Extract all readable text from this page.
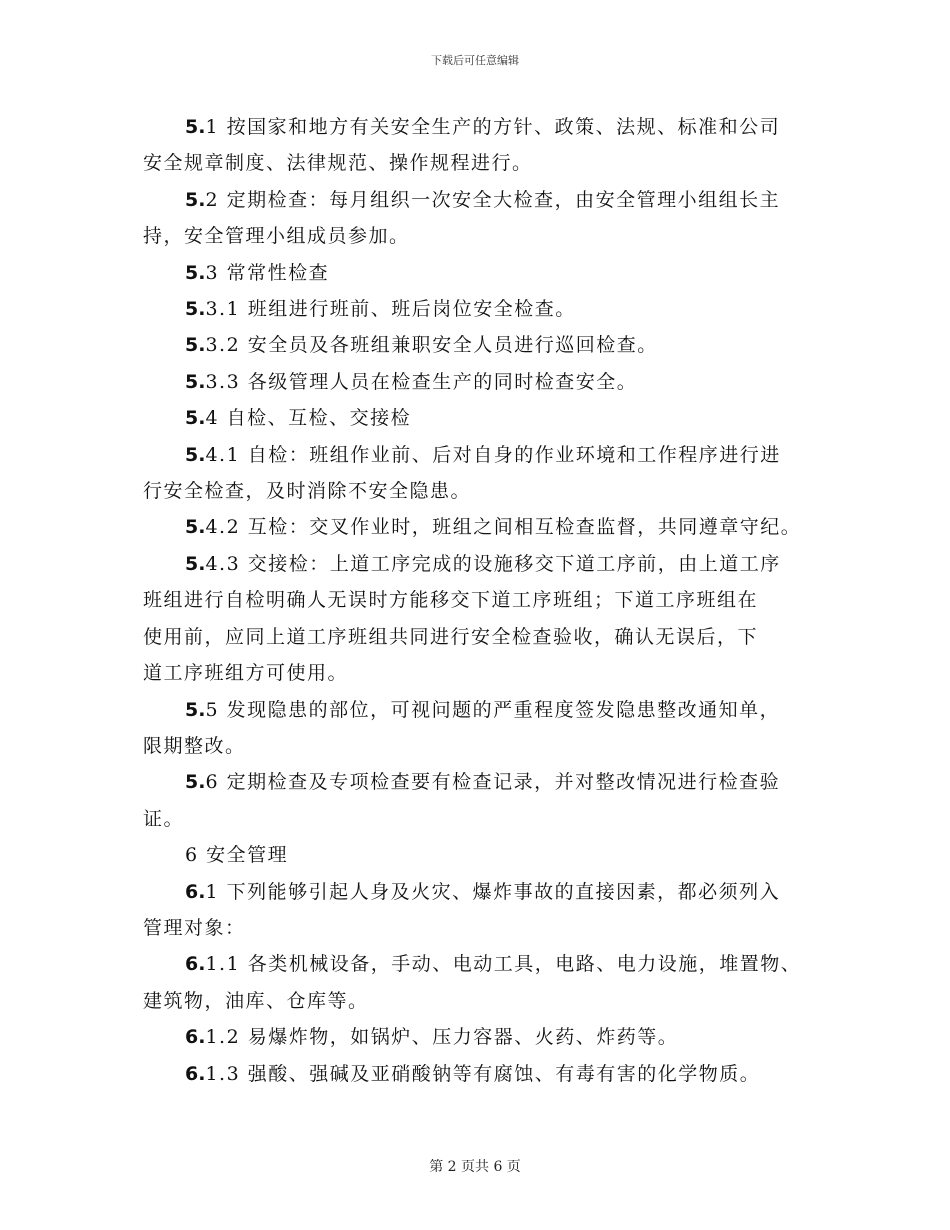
下载后可任意编辑

5.1 按国家和地方有关安全生产的方针、政策、法规、标准和公司
安全规章制度、法律规范、操作规程进行。

5.2 定期检查：每月组织一次安全大检查，由安全管理小组组长主
持，安全管理小组成员参加。

5.3 常常性检查

5.3.1 班组进行班前、班后岗位安全检查。

5.3.2 安全员及各班组兼职安全人员进行巡回检查。

5.3.3 各级管理人员在检查生产的同时检查安全。

5.4 自检、互检、交接检

5.4.1 自检：班组作业前、后对自身的作业环境和工作程序进行进
行安全检查，及时消除不安全隐患。

5.4.2 互检：交叉作业时，班组之间相互检查监督，共同遵章守纪。

5.4.3 交接检：上道工序完成的设施移交下道工序前，由上道工序
班组进行自检明确人无误时方能移交下道工序班组；下道工序班组在
使用前，应同上道工序班组共同进行安全检查验收，确认无误后，下
道工序班组方可使用。

5.5 发现隐患的部位，可视问题的严重程度签发隐患整改通知单，
限期整改。

5.6 定期检查及专项检查要有检查记录，并对整改情况进行检查验
证。

6 安全管理

6.1 下列能够引起人身及火灾、爆炸事故的直接因素，都必须列入
管理对象：

6.1.1 各类机械设备，手动、电动工具，电路、电力设施，堆置物、
建筑物，油库、仓库等。

6.1.2 易爆炸物，如锅炉、压力容器、火药、炸药等。

6.1.3 强酸、强碱及亚硝酸钠等有腐蚀、有毒有害的化学物质。

第 2 页共 6 页
